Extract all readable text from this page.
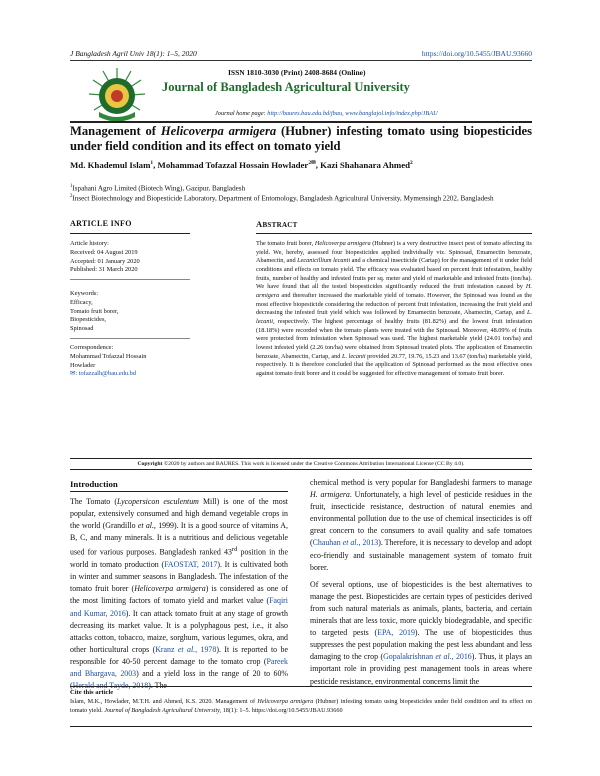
J Bangladesh Agril Univ 18(1): 1–5, 2020	https://doi.org/10.5455/JBAU.93660
ISSN 1810-3030 (Print) 2408-8684 (Online)
Journal of Bangladesh Agricultural University
Journal home page: http://baures.bau.edu.bd/jbau, www.banglajol.info/index.php/JBAU
Management of Helicoverpa armigera (Hubner) infesting tomato using biopesticides under field condition and its effect on tomato yield
Md. Khademul Islam$^1$, Mohammad Tofazzal Hossain Howlader$^{2✉}$, Kazi Shahanara Ahmed$^2$
$^1$Ispahani Agro Limited (Biotech Wing), Gazipur, Bangladesh
$^2$Insect Biotechnology and Biopesticide Laboratory, Department of Entomology, Bangladesh Agricultural University, Mymensingh 2202, Bangladesh
ARTICLE INFO	ABSTRACT
Article history:
Received: 04 August 2019
Accepted: 01 January 2020
Published: 31 March 2020
Keywords:
Efficacy,
Tomato fruit borer,
Biopesticides,
Spinosad
Correspondence:
Mohammad Tofazzal Hossain
Howlader
✉: tofazzalh@bau.edu.bd
The tomato fruit borer, Helicoverpa armigera (Hubner) is a very destructive insect pest of tomato affecting its yield. We, hereby, assessed four biopesticides applied individually viz. Spinosad, Emamectin benzoate, Abamectin, and Lecanicillium lecanii and a chemical insecticide (Cartap) for the management of it under field conditions and effects on tomato yield. The efficacy was evaluated based on percent fruit infestation, healthy fruits, number of healthy and infested fruits per sq. meter and yield of marketable and infested fruits (ton/ha). We have found that all the tested biopesticides significantly reduced the fruit infestation caused by H. armigera and thereafter increased the marketable yield of tomato. However, the Spinosad was found as the most effective biopesticide considering the reduction of percent fruit infestation, increasing the fruit yield and decreasing the infested fruit yield which was followed by Emamectin benzoate, Abamectin, Cartap, and L. lecanii, respectively. The highest percentage of healthy fruits (81.82%) and the lowest fruit infestation (18.18%) were recorded when the tomato plants were treated with the Spinosad. Moreover, 48.09% of fruits were protected from infestation when Spinosad was used. The highest marketable yield (24.01 ton/ha) and lowest infested yield (2.26 ton/ha) were obtained from Spinosad treated plots. The application of Emamectin benzoate, Abamectin, Cartap, and L. lecanii provided 20.77, 19.76, 15.23 and 13.67 (ton/ha) marketable yield, respectively. It is therefore concluded that the application of Spinosad performed as the most effective ones against tomato fruit borer and it could be suggested for effective management of tomato fruit borer.
Copyright ©2020 by authors and BAURES. This work is licensed under the Creative Commons Attribution International License (CC By 4.0).
Introduction
The Tomato (Lycopersicon esculentum Mill) is one of the most popular, extensively consumed and high demand vegetable crops in the world (Grandillo et al., 1999). It is a good source of vitamins A, B, C, and many minerals. It is a nutritious and delicious vegetable used for various purposes. Bangladesh ranked 43rd position in the world in tomato production (FAOSTAT, 2017). It is cultivated both in winter and summer seasons in Bangladesh. The infestation of the tomato fruit borer (Helicoverpa armigera) is considered as one of the most limiting factors of tomato yield and market value (Faqiri and Kumar, 2016). It can attack tomato fruit at any stage of growth decreasing its market value. It is a polyphagous pest, i.e., it also attacks cotton, tobacco, maize, sorghum, various legumes, okra, and other horticultural crops (Kranz et al., 1978). It is reported to be responsible for 40-50 percent damage to the tomato crop (Pareek and Bhargava, 2003) and a yield loss in the range of 20 to 60% (Herald and Tayde, 2018). The

chemical method is very popular for Bangladeshi farmers to manage H. armigera. Unfortunately, a high level of pesticide residues in the fruit, insecticide resistance, destruction of natural enemies and environmental pollution due to the use of chemical insecticides is off great concern to the consumers to avail quality and safe tomatoes (Chauhan et al., 2013). Therefore, it is necessary to develop and adopt eco-friendly and sustainable management system of tomato fruit borer.

Of several options, use of biopesticides is the best alternatives to manage the pest. Biopesticides are certain types of pesticides derived from such natural materials as animals, plants, bacteria, and certain minerals that are less toxic, more quickly biodegradable, and specific to targeted pests (EPA, 2019). The use of biopesticides thus suppresses the pest population making the pest less abundant and less damaging to the crop (Gopalakrishnan et al., 2016). Thus, it plays an important role in providing pest management tools in areas where pesticide resistance, environmental concerns limit the

Cite this article
Islam, M.K., Howlader, M.T.H. and Ahmed, K.S. 2020. Management of Helicoverpa armigera (Hubner) infesting tomato using biopesticides under field condition and its effect on tomato yield. Journal of Bangladesh Agricultural University, 18(1): 1–5. https://doi.org/10.5455/JBAU.93660
